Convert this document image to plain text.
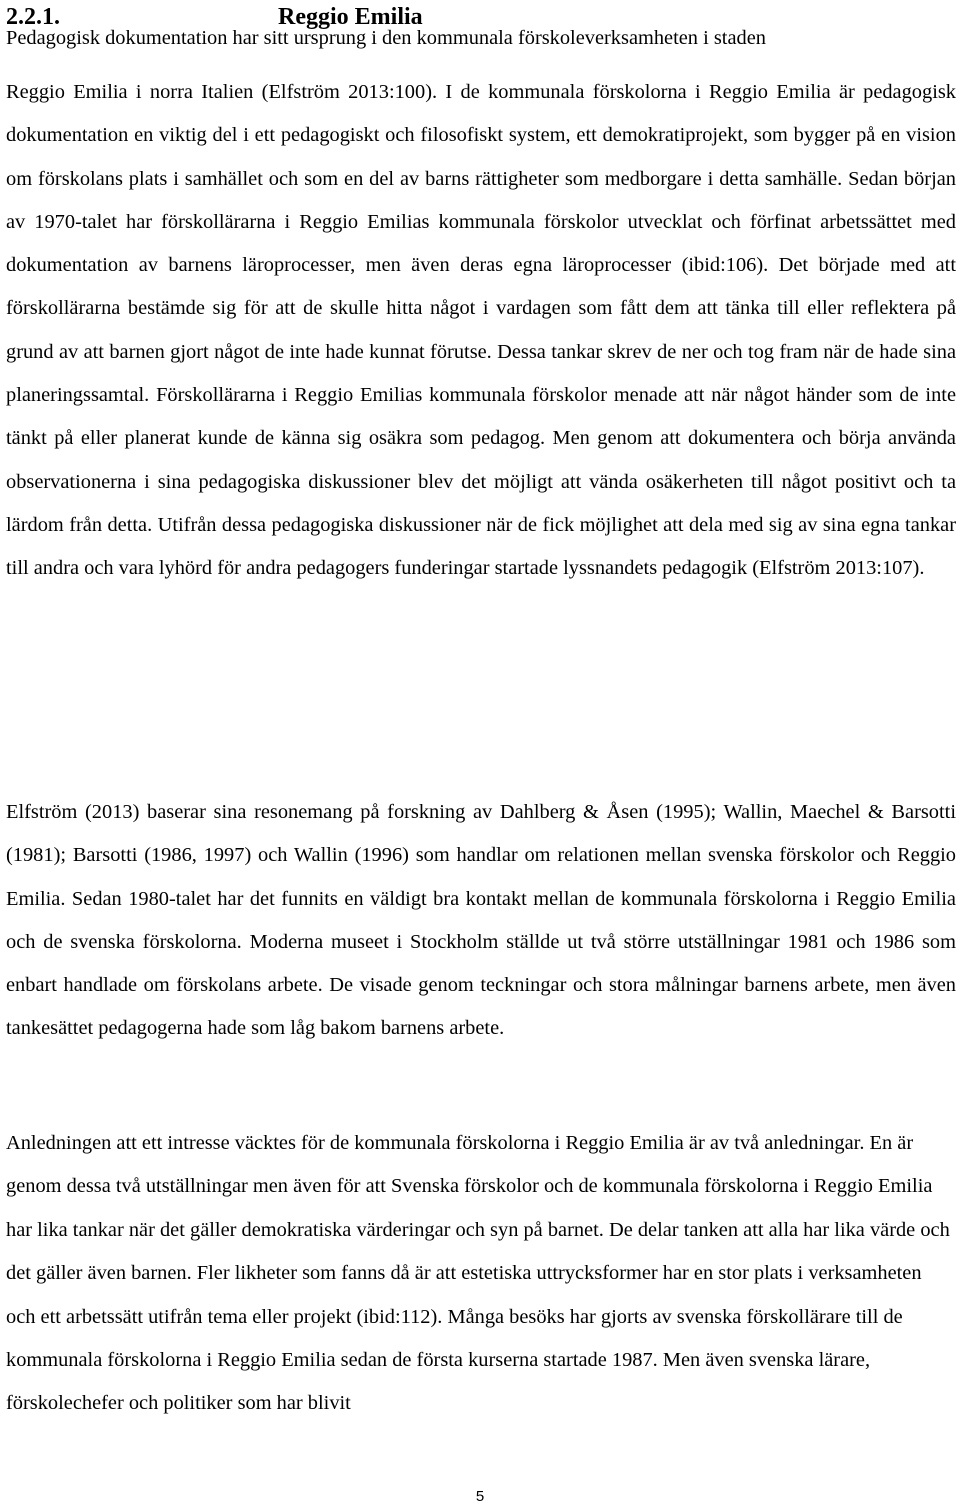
2.2.1.	Reggio Emilia

Pedagogisk dokumentation har sitt ursprung i den kommunala förskoleverksamheten i staden

Reggio Emilia i norra Italien (Elfström 2013:100). I de kommunala förskolorna i Reggio Emilia är pedagogisk dokumentation en viktig del i ett pedagogiskt och filosofiskt system, ett demokratiprojekt, som bygger på en vision om förskolans plats i samhället och som en del av barns rättigheter som medborgare i detta samhälle. Sedan början av 1970-talet har förskollärarna i Reggio Emilias kommunala förskolor utvecklat och förfinat arbetssättet med dokumentation av barnens läroprocesser, men även deras egna läroprocesser (ibid:106). Det började med att förskollärarna bestämde sig för att de skulle hitta något i vardagen som fått dem att tänka till eller reflektera på grund av att barnen gjort något de inte hade kunnat förutse. Dessa tankar skrev de ner och tog fram när de hade sina planeringssamtal. Förskollärarna i Reggio Emilias kommunala förskolor menade att när något händer som de inte tänkt på eller planerat kunde de känna sig osäkra som pedagog. Men genom att dokumentera och börja använda observationerna i sina pedagogiska diskussioner blev det möjligt att vända osäkerheten till något positivt och ta lärdom från detta. Utifrån dessa pedagogiska diskussioner när de fick möjlighet att dela med sig av sina egna tankar till andra och vara lyhörd för andra pedagogers funderingar startade lyssnandets pedagogik (Elfström 2013:107).

Elfström (2013) baserar sina resonemang på forskning av Dahlberg & Åsen (1995); Wallin, Maechel & Barsotti (1981); Barsotti (1986, 1997) och Wallin (1996) som handlar om relationen mellan svenska förskolor och Reggio Emilia. Sedan 1980-talet har det funnits en väldigt bra kontakt mellan de kommunala förskolorna i Reggio Emilia och de svenska förskolorna. Moderna museet i Stockholm ställde ut två större utställningar 1981 och 1986 som enbart handlade om förskolans arbete. De visade genom teckningar och stora målningar barnens arbete, men även tankesättet pedagogerna hade som låg bakom barnens arbete.

Anledningen att ett intresse väcktes för de kommunala förskolorna i Reggio Emilia är av två anledningar. En är genom dessa två utställningar men även för att Svenska förskolor och de kommunala förskolorna i Reggio Emilia har lika tankar när det gäller demokratiska värderingar och syn på barnet. De delar tanken att alla har lika värde och det gäller även barnen. Fler likheter som fanns då är att estetiska uttrycksformer har en stor plats i verksamheten och ett arbetssätt utifrån tema eller projekt (ibid:112). Många besöks har gjorts av svenska förskollärare till de kommunala förskolorna i Reggio Emilia sedan de första kurserna startade 1987. Men även svenska lärare, förskolechefer och politiker som har blivit

5
